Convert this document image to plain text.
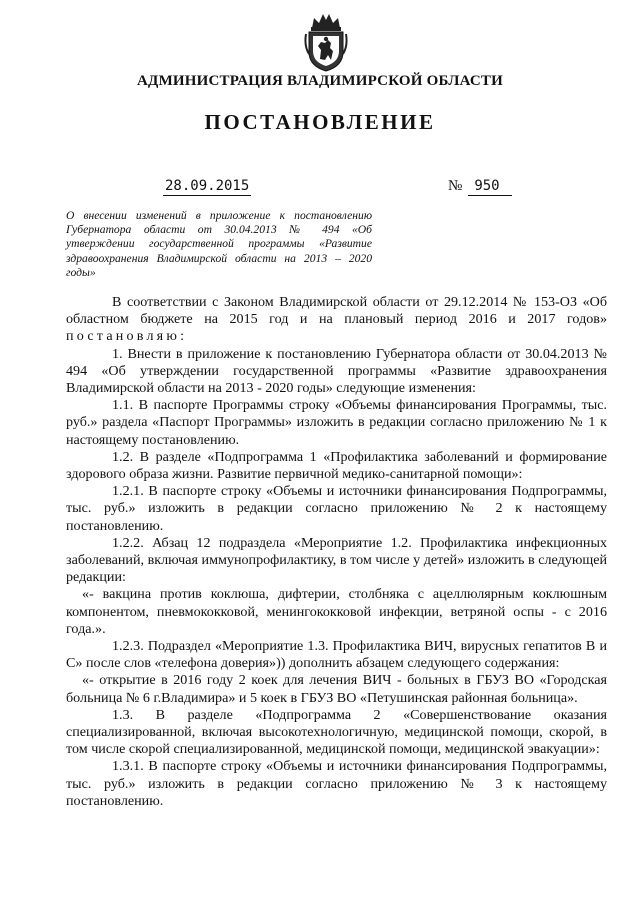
АДМИНИСТРАЦИЯ ВЛАДИМИРСКОЙ ОБЛАСТИ
ПОСТАНОВЛЕНИЕ
28.09.2015	№ 950
О внесении изменений в приложение к постановлению Губернатора области от 30.04.2013 № 494 «Об утверждении государственной программы «Развитие здравоохранения Владимирской области на 2013 – 2020 годы»

В соответствии с Законом Владимирской области от 29.12.2014 № 153-ОЗ «Об областном бюджете на 2015 год и на плановый период 2016 и 2017 годов» постановляю:

1. Внести в приложение к постановлению Губернатора области от 30.04.2013 № 494 «Об утверждении государственной программы «Развитие здравоохранения Владимирской области на 2013 - 2020 годы» следующие изменения:

1.1. В паспорте Программы строку «Объемы финансирования Программы, тыс. руб.» раздела «Паспорт Программы» изложить в редакции согласно приложению № 1 к настоящему постановлению.

1.2. В разделе «Подпрограмма 1 «Профилактика заболеваний и формирование здорового образа жизни. Развитие первичной медико-санитарной помощи»:

1.2.1. В паспорте строку «Объемы и источники финансирования Подпрограммы, тыс. руб.» изложить в редакции согласно приложению № 2 к настоящему постановлению.

1.2.2. Абзац 12 подраздела «Мероприятие 1.2. Профилактика инфекционных заболеваний, включая иммунопрофилактику, в том числе у детей» изложить в следующей редакции:

«- вакцина против коклюша, дифтерии, столбняка с ацеллюлярным коклюшным компонентом, пневмококковой, менингококковой инфекции, ветряной оспы - с 2016 года.».

1.2.3. Подраздел «Мероприятие 1.3. Профилактика ВИЧ, вирусных гепатитов В и С» после слов «телефона доверия»)) дополнить абзацем следующего содержания:

«- открытие в 2016 году 2 коек для лечения ВИЧ - больных в ГБУЗ ВО «Городская больница № 6 г.Владимира» и 5 коек в ГБУЗ ВО «Петушинская районная больница».

1.3. В разделе «Подпрограмма 2 «Совершенствование оказания специализированной, включая высокотехнологичную, медицинской помощи, скорой, в том числе скорой специализированной, медицинской помощи, медицинской эвакуации»:

1.3.1. В паспорте строку «Объемы и источники финансирования Подпрограммы, тыс. руб.» изложить в редакции согласно приложению № 3 к настоящему постановлению.
